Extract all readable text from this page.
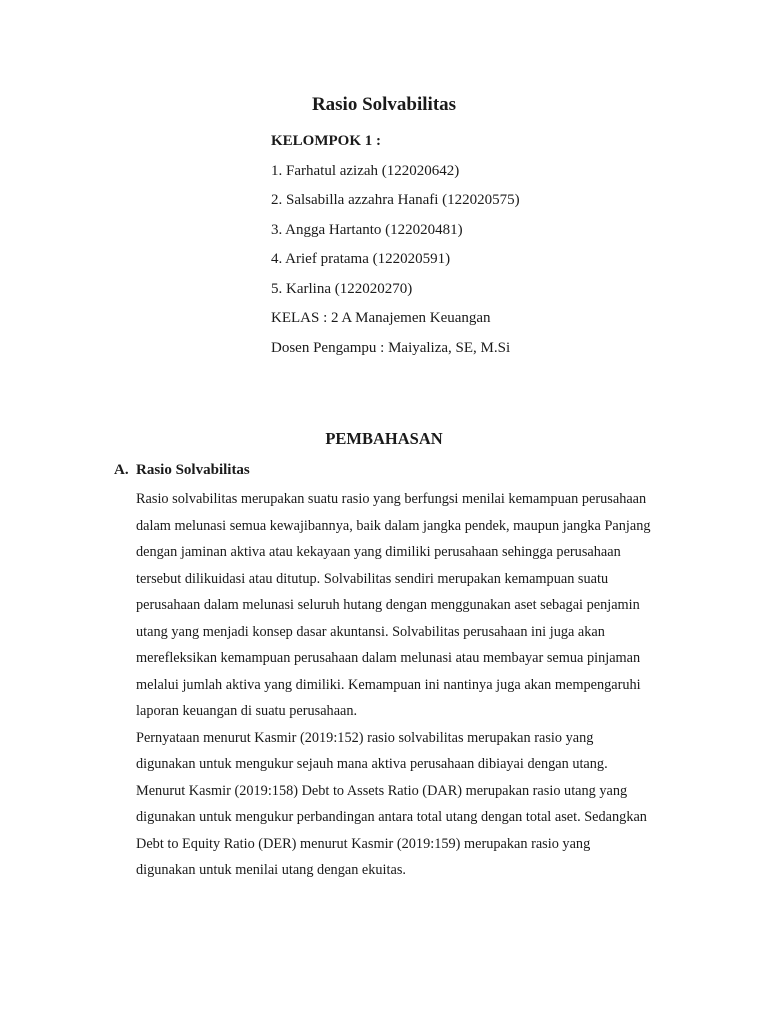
Rasio Solvabilitas
KELOMPOK 1 :
1. Farhatul azizah (122020642)
2. Salsabilla azzahra Hanafi (122020575)
3. Angga Hartanto (122020481)
4. Arief pratama (122020591)
5. Karlina (122020270)
KELAS : 2 A Manajemen Keuangan
Dosen Pengampu : Maiyaliza, SE, M.Si
PEMBAHASAN
A. Rasio Solvabilitas
Rasio solvabilitas merupakan suatu rasio yang berfungsi menilai kemampuan perusahaan
dalam melunasi semua kewajibannya, baik dalam jangka pendek, maupun jangka Panjang
dengan jaminan aktiva atau kekayaan yang dimiliki perusahaan sehingga perusahaan
tersebut dilikuidasi atau ditutup. Solvabilitas sendiri merupakan kemampuan suatu
perusahaan dalam melunasi seluruh hutang dengan menggunakan aset sebagai penjamin
utang yang menjadi konsep dasar akuntansi. Solvabilitas perusahaan ini juga akan
merefleksikan kemampuan perusahaan dalam melunasi atau membayar semua pinjaman
melalui jumlah aktiva yang dimiliki. Kemampuan ini nantinya juga akan mempengaruhi
laporan keuangan di suatu perusahaan.
Pernyataan menurut Kasmir (2019:152) rasio solvabilitas merupakan rasio yang
digunakan untuk mengukur sejauh mana aktiva perusahaan dibiayai dengan utang.
Menurut Kasmir (2019:158) Debt to Assets Ratio (DAR) merupakan rasio utang yang
digunakan untuk mengukur perbandingan antara total utang dengan total aset. Sedangkan
Debt to Equity Ratio (DER) menurut Kasmir (2019:159) merupakan rasio yang
digunakan untuk menilai utang dengan ekuitas.
